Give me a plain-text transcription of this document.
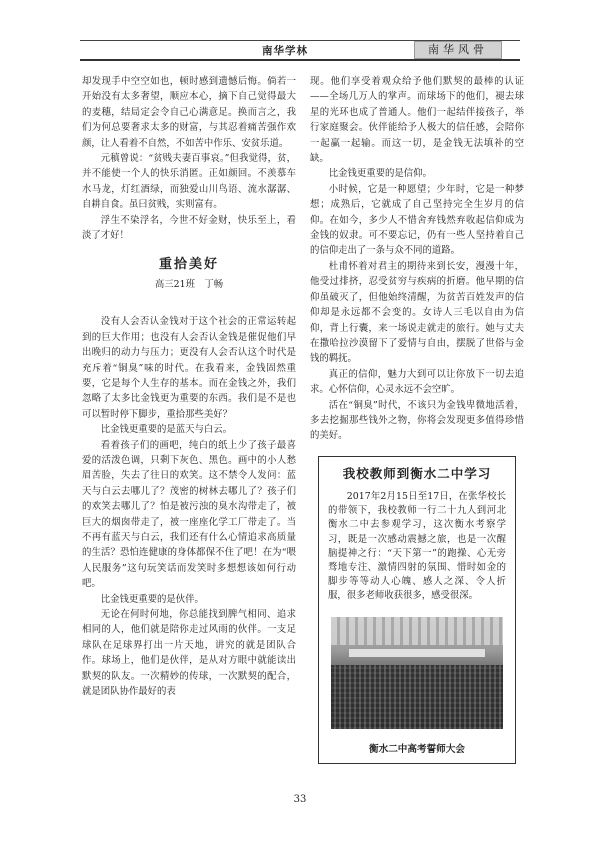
南华学林	南华风骨

却发现手中空空如也，顿时感到遗憾后悔。倘若一开始没有太多奢望，顺应本心，摘下自己觉得最大的麦穗，结局定会令自己心满意足。换而言之，我们为何总要奢求太多的财富，与其忍着痛苦强作欢颜，让人看着不自然，不如苦中作乐、安贫乐道。

元稹曾说：“贫贱夫妻百事哀。”但我觉得，贫，并不能使一个人的快乐消匿。正如颜回。不羡慕车水马龙，灯红酒绿，而独爱山川鸟语、流水潺潺、自耕自食。虽曰贫贱，实则富有。

浮生不染浮名，今世不好金财，快乐至上，看淡了才好！

重拾美好
高三21班　丁畅

没有人会否认金钱对于这个社会的正常运转起到的巨大作用；也没有人会否认金钱是催促他们早出晚归的动力与压力；更没有人会否认这个时代是充斥着“铜臭”味的时代。在我看来，金钱固然重要，它是每个人生存的基本。而在金钱之外，我们忽略了太多比金钱更为重要的东西。我们是不是也可以暂时停下脚步，重拾那些美好？

比金钱更重要的是蓝天与白云。

看着孩子们的画吧，纯白的纸上少了孩子最喜爱的活泼色调，只剩下灰色、黑色。画中的小人愁眉苦脸，失去了往日的欢笑。这不禁令人发问：蓝天与白云去哪儿了？茂密的树林去哪儿了？孩子们的欢笑去哪儿了？怕是被污浊的臭水沟带走了，被巨大的烟囱带走了，被一座座化学工厂带走了。当不再有蓝天与白云，我们还有什么心情追求高质量的生活？恐怕连健康的身体都保不住了吧！在为“喂人民服务”这句玩笑话而发笑时多想想该如何行动吧。

比金钱更重要的是伙伴。

无论在何时何地，你总能找到脾气相同、追求相同的人，他们就是陪你走过风雨的伙伴。一支足球队在足球界打出一片天地，讲究的就是团队合作。球场上，他们是伙伴，是从对方眼中就能读出默契的队友。一次精妙的传球，一次默契的配合，就是团队协作最好的表

现。他们享受着观众给予他们默契的最棒的认证——全场几万人的掌声。而球场下的他们，褪去球星的光环也成了普通人。他们一起结伴接孩子，举行家庭聚会。伙伴能给予人极大的信任感，会陪你一起赢一起输。而这一切，是金钱无法填补的空缺。

比金钱更重要的是信仰。

小时候，它是一种愿望；少年时，它是一种梦想；成熟后，它就成了自己坚持完全生岁月的信仰。在如今，多少人不惜舍弃钱然弃收起信仰成为金钱的奴隶。可不要忘记，仍有一些人坚持着自己的信仰走出了一条与众不同的道路。

杜甫怀着对君主的期待来到长安，漫漫十年，他受过排挤，忍受贫穷与疾病的折磨。他早期的信仰虽破灭了，但他始终清醒，为贫苦百姓发声的信仰却是永远都不会变的。女诗人三毛以自由为信仰，背上行囊，来一场说走就走的旅行。她与丈夫在撒哈拉沙漠留下了爱情与自由，摆脱了世俗与金钱的羁抚。

真正的信仰，魅力大到可以让你放下一切去追求。心怀信仰，心灵永远不会空旷。

活在“铜臭”时代，不该只为金钱卑微地活着，多去挖掘那些钱外之物，你将会发现更多值得珍惜的美好。

我校教师到衡水二中学习
2017年2月15日至17日，在张华校长的带领下，我校教师一行二十九人到河北衡水二中去参观学习，这次衡水考察学习，既是一次感动震撼之旅，也是一次醒脑提神之行：“天下第一”的跑操、心无旁骛地专注、激情四射的氛围、惜时如金的脚步等等动人心魄、感人之深、令人折服，很多老师收获很多，感受很深。
衡水二中高考誓师大会
33
